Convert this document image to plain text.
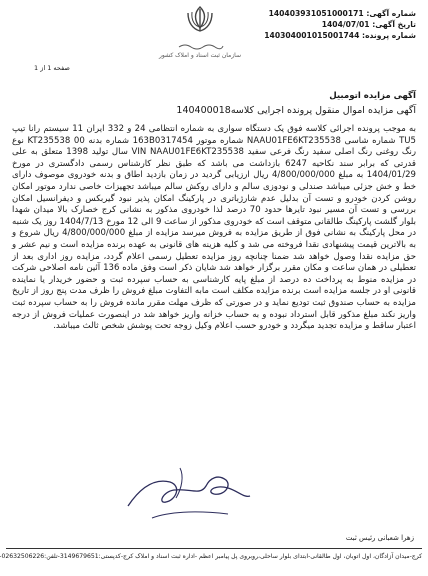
شماره آگهی: 140403931051000171
تاریخ آگهی: 1404/07/01
شماره پرونده: 140304001015001744
سازمان ثبت اسناد و املاک کشور
صفحه 1 از 1
آگهی مزایده اتومبیل
آگهی مزایده اموال منقول پرونده اجرایی کلاسه140400018
به موجب پرونده اجرائی کلاسه فوق یک دستگاه سواری به شماره انتظامی 24 و 332 ایران 11 سیستم رانا تیپ TU5 شماره شاسی NAAU01FE6KT235538 شماره موتور 163B0317454 شماره بدنه 00 KT235538 نوع رنگ روغنی رنگ اصلی سفید رنگ فرعی سفید VIN NAAU01FE6KT235538 سال تولید 1398 متعلق به علی قدرتی که برابر سند نکاحیه 6247 بازداشت می باشد که طبق نظر کارشناس رسمی دادگستری در مورخ 1404/01/29 به مبلغ 4/800/000/000 ریال ارزیابی گردید در زمان بازدید اطاق و بدنه خودروی موصوف دارای خط و خش جزئی میباشد صندلی و نودوزی سالم و دارای روکش سالم میباشد تجهیزات خاصی ندارد موتور امکان روشن کردن خودرو و تست آن بدلیل عدم شارژباتری در پارکینگ امکان پذیر نبود گیربکس و دیفرانسیل امکان بررسی و تست آن مسیر نبود تایرها حدود 70 درصد لذا خودروی مذکور به نشانی کرج خصارک بالا میدان شهدا بلوار گلشت پارکینگ طالقانی متوقف است که خودروی مذکور از ساعت 9 الی 12 مورخ 1404/7/13 روز یک شنبه در محل پارکینگ به نشانی فوق از طریق مزایده به فروش میرسد مزایده از مبلغ 4/800/000/000 ریال شروع و به بالاترین قیمت پیشنهادی نقدا فروخته می شد و کلیه هزینه های قانونی به عهده برنده مزایده است و نیم عشر و حق مزایده نقدا وصول خواهد شد ضمنا چنانچه روز مزایده تعطیل رسمی اعلام گردد، مزایده روز اداری بعد از تعطیلی در همان ساعت و مکان مقرر برگزار خواهد شد شایان ذکر است وفق ماده 136 آئین نامه اصلاحی شرکت در مزایده منوط به پرداخت ده درصد از مبلغ پایه کارشناسی به حساب سپرده ثبت و حضور خریدار یا نماینده قانونی او در جلسه مزایده است برنده مزایده مکلف است مابه التفاوت مبلغ فروش را ظرف مدت پنج روز از تاریخ مزایده به حساب صندوق ثبت تودیع نماید و در صورتی که ظرف مهلت مقرر مانده فروش را به حساب سپرده ثبت واریز نکند مبلغ مذکور قابل استرداد نبوده و به حساب خزانه واریز خواهد شد در اینصورت عملیات فروش از درجه اعتبار ساقط و مزایده تجدید میگردد و خودرو حسب اعلام وکیل زوجه تحت پوشش شخص ثالث میباشد.
زهرا شعبانی رئیس ثبت
کرج-میدان آزادگان، اول اتوبان، اول طالقانی-ابتدای بلوار ساحلی،روبروی پل پیامبر اعظم -اداره ثبت اسناد و املاک کرج-کدپستی:3149679651-تلفن:02632506226
